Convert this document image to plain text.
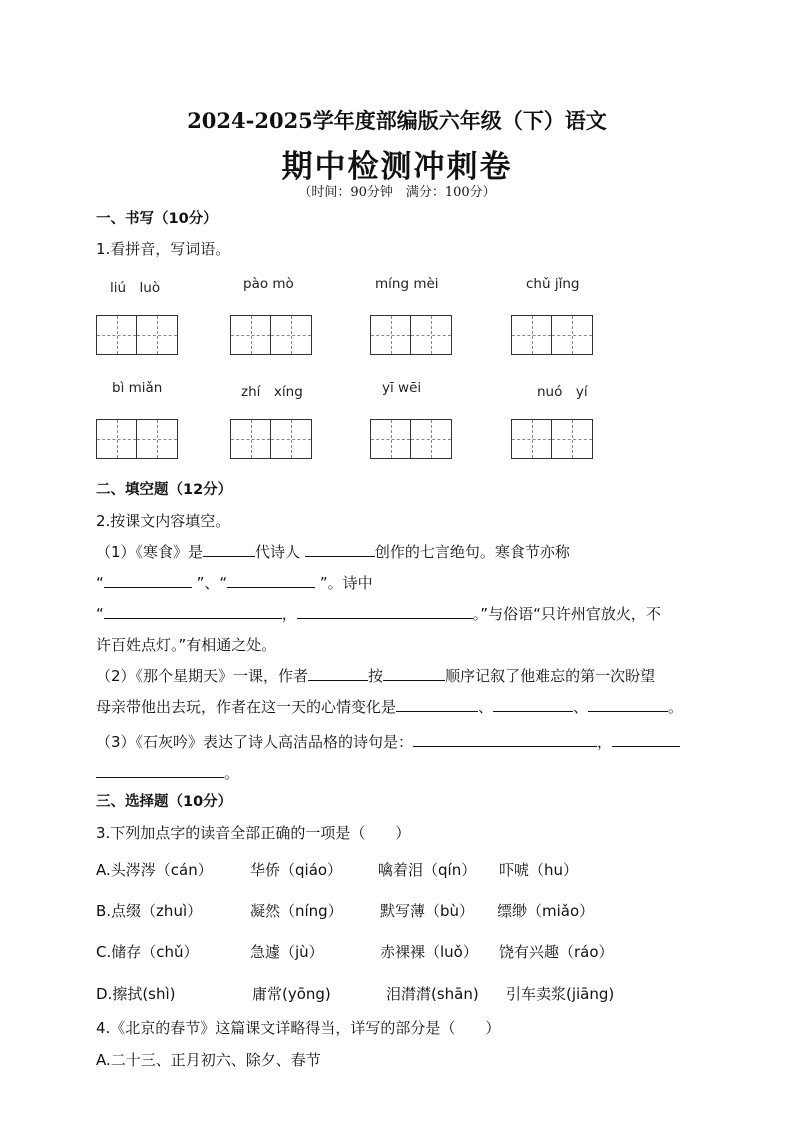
2024-2025学年度部编版六年级（下）语文
期中检测冲刺卷
（时间：90分钟　满分：100分）
一、书写（10分）
1.看拼音，写词语。
liú　luò	pào mò	míng mèi	chǔ jǐng
bì miǎn	zhí　xíng	yī wēi	nuó　yí
二、填空题（12分）
2.按课文内容填空。
（1）《寒食》是	代诗人	创作的七言绝句。寒食节亦称
“	”、“	”。诗中
“	，	。”与俗语“只许州官放火，不
许百姓点灯。”有相通之处。
（2）《那个星期天》一课，作者	按	顺序记叙了他难忘的第一次盼望
母亲带他出去玩，作者在这一天的心情变化是	、	、	。
（3）《石灰吟》表达了诗人高洁品格的诗句是：	，
。
三、选择题（10分）
3.下列加点字的读音全部正确的一项是（　　）
A.头涔涔（cán） 华侨（qiáo） 噙着泪（qín） 吓唬（hu）
B.点缀（zhuì）	凝然（níng） 默写薄（bù） 缥缈（miǎo）
C.储存（chǔ）	急遽（jù）	赤裸裸（luǒ） 饶有兴趣（ráo）
D.擦拭(shì)	庸常(yōng)	泪潸潸(shān) 引车卖浆(jiāng)
4.《北京的春节》这篇课文详略得当，详写的部分是（　　）
A.二十三、正月初六、除夕、春节
